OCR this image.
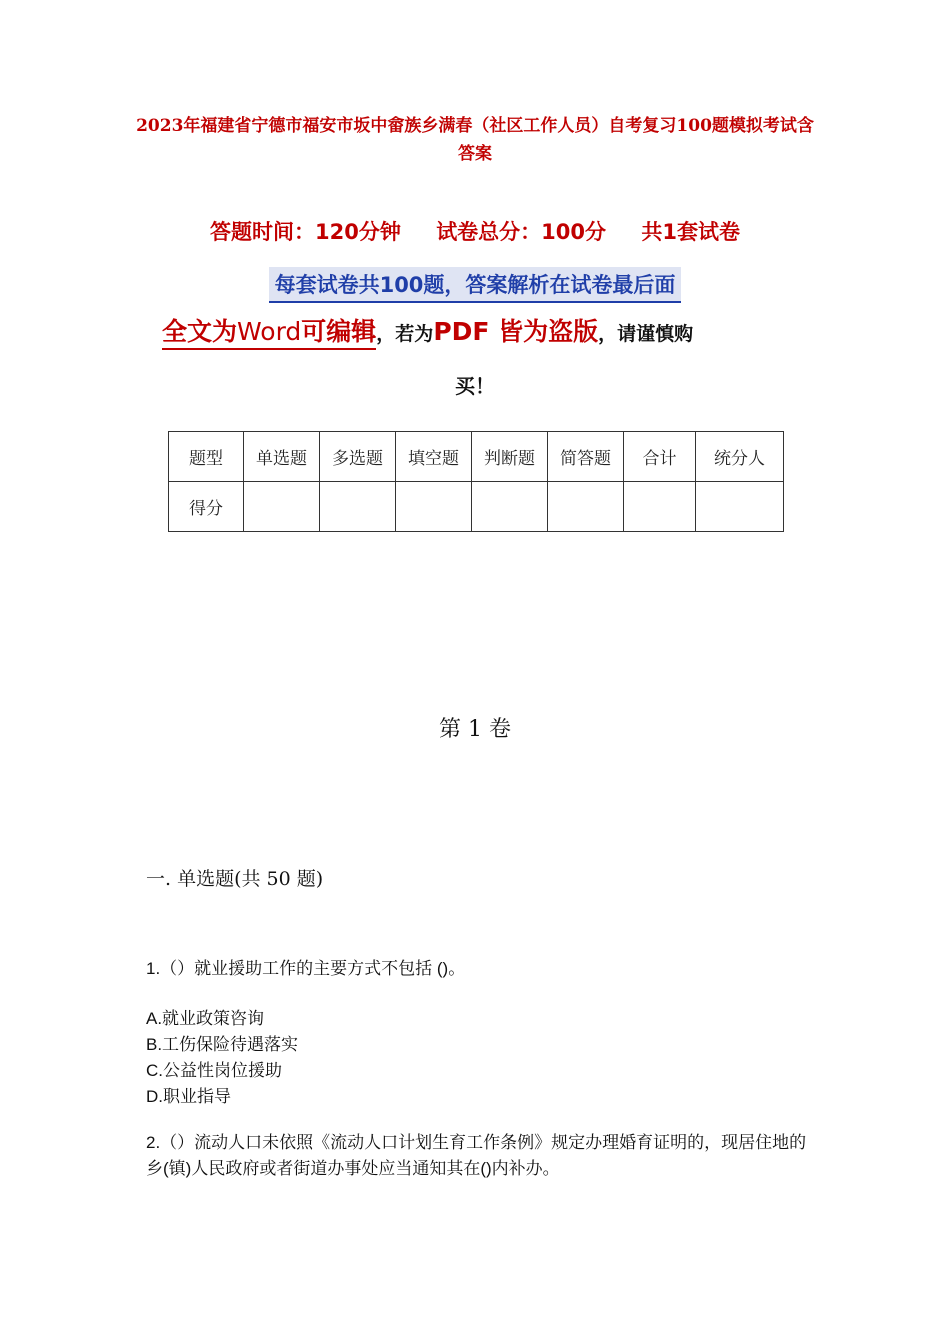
2023年福建省宁德市福安市坂中畲族乡满春（社区工作人员）自考复习100题模拟考试含答案
答题时间：120分钟 试卷总分：100分 共1套试卷
每套试卷共100题，答案解析在试卷最后面
全文为Word可编辑，若为PDF 皆为盗版，请谨慎购
买！
题型	单选题	多选题	填空题	判断题	简答题	合计	统分人
得分							
第 1 卷
一. 单选题(共 50 题)
1.（）就业援助工作的主要方式不包括 ()。
A.就业政策咨询
B.工伤保险待遇落实
C.公益性岗位援助
D.职业指导
2.（）流动人口未依照《流动人口计划生育工作条例》规定办理婚育证明的，现居住地的乡(镇)人民政府或者街道办事处应当通知其在()内补办。
